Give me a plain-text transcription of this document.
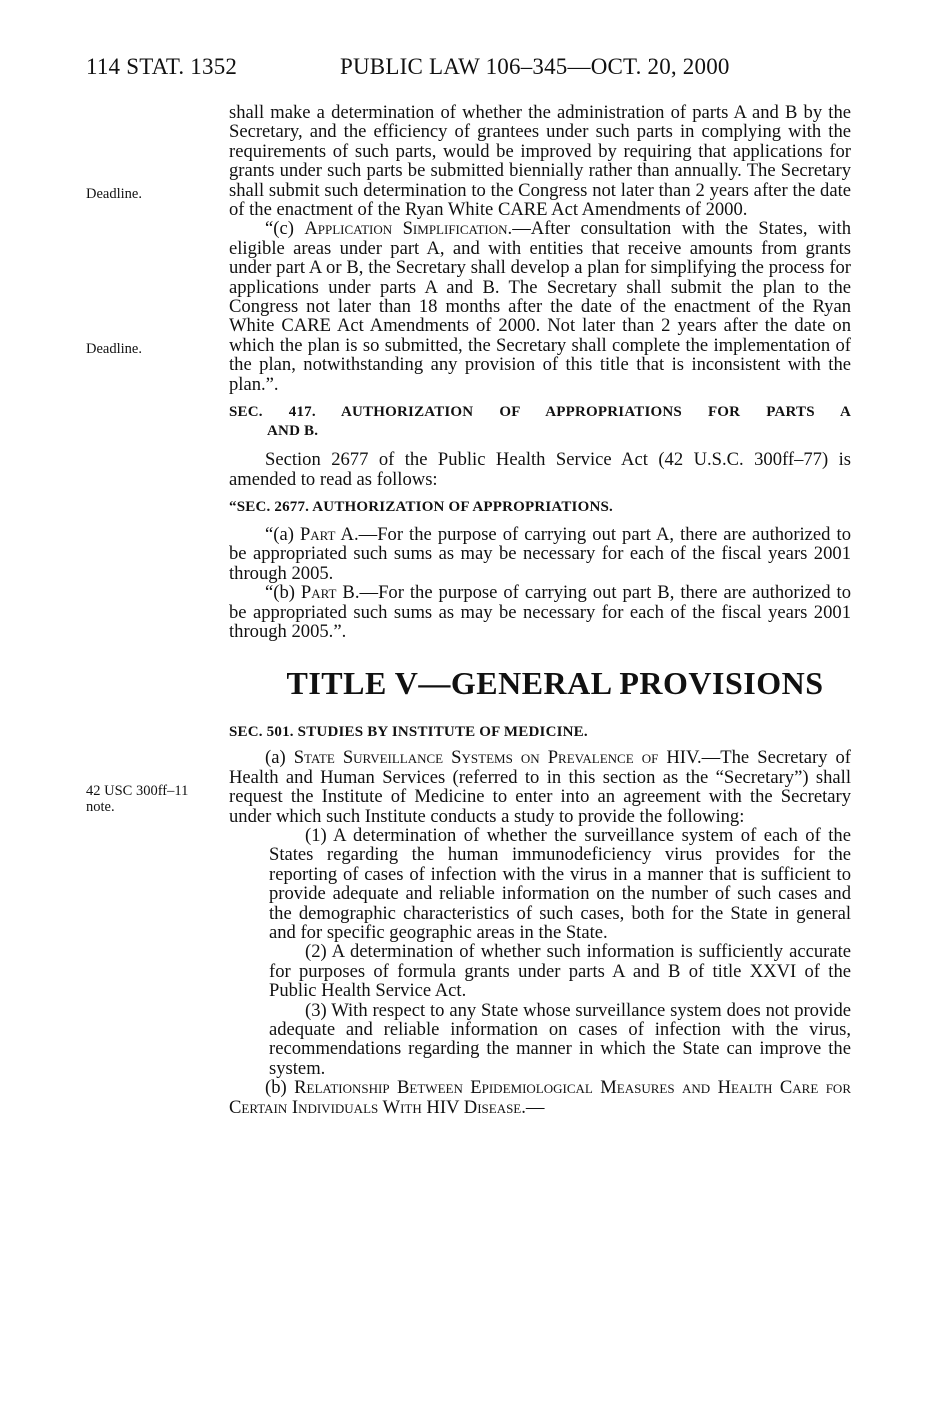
114 STAT. 1352	PUBLIC LAW 106–345—OCT. 20, 2000
Deadline.
Deadline.
42 USC 300ff–11
note.

shall make a determination of whether the administration of parts A and B by the Secretary, and the efficiency of grantees under such parts in complying with the requirements of such parts, would be improved by requiring that applications for grants under such parts be submitted biennially rather than annually. The Secretary shall submit such determination to the Congress not later than 2 years after the date of the enactment of the Ryan White CARE Act Amendments of 2000.

“(c) Application Simplification.—After consultation with the States, with eligible areas under part A, and with entities that receive amounts from grants under part A or B, the Secretary shall develop a plan for simplifying the process for applications under parts A and B. The Secretary shall submit the plan to the Congress not later than 18 months after the date of the enactment of the Ryan White CARE Act Amendments of 2000. Not later than 2 years after the date on which the plan is so submitted, the Secretary shall complete the implementation of the plan, notwithstanding any provision of this title that is inconsistent with the plan.”.

SEC. 417. AUTHORIZATION OF APPROPRIATIONS FOR PARTS A
AND B.

Section 2677 of the Public Health Service Act (42 U.S.C. 300ff–77) is amended to read as follows:

“SEC. 2677. AUTHORIZATION OF APPROPRIATIONS.

“(a) Part A.—For the purpose of carrying out part A, there are authorized to be appropriated such sums as may be necessary for each of the fiscal years 2001 through 2005.

“(b) Part B.—For the purpose of carrying out part B, there are authorized to be appropriated such sums as may be necessary for each of the fiscal years 2001 through 2005.”.

TITLE V—GENERAL PROVISIONS
SEC. 501. STUDIES BY INSTITUTE OF MEDICINE.

(a) State Surveillance Systems on Prevalence of HIV.—The Secretary of Health and Human Services (referred to in this section as the “Secretary”) shall request the Institute of Medicine to enter into an agreement with the Secretary under which such Institute conducts a study to provide the following:

(1) A determination of whether the surveillance system of each of the States regarding the human immunodeficiency virus provides for the reporting of cases of infection with the virus in a manner that is sufficient to provide adequate and reliable information on the number of such cases and the demographic characteristics of such cases, both for the State in general and for specific geographic areas in the State.

(2) A determination of whether such information is sufficiently accurate for purposes of formula grants under parts A and B of title XXVI of the Public Health Service Act.

(3) With respect to any State whose surveillance system does not provide adequate and reliable information on cases of infection with the virus, recommendations regarding the manner in which the State can improve the system.

(b) Relationship Between Epidemiological Measures and Health Care for Certain Individuals With HIV Disease.—
